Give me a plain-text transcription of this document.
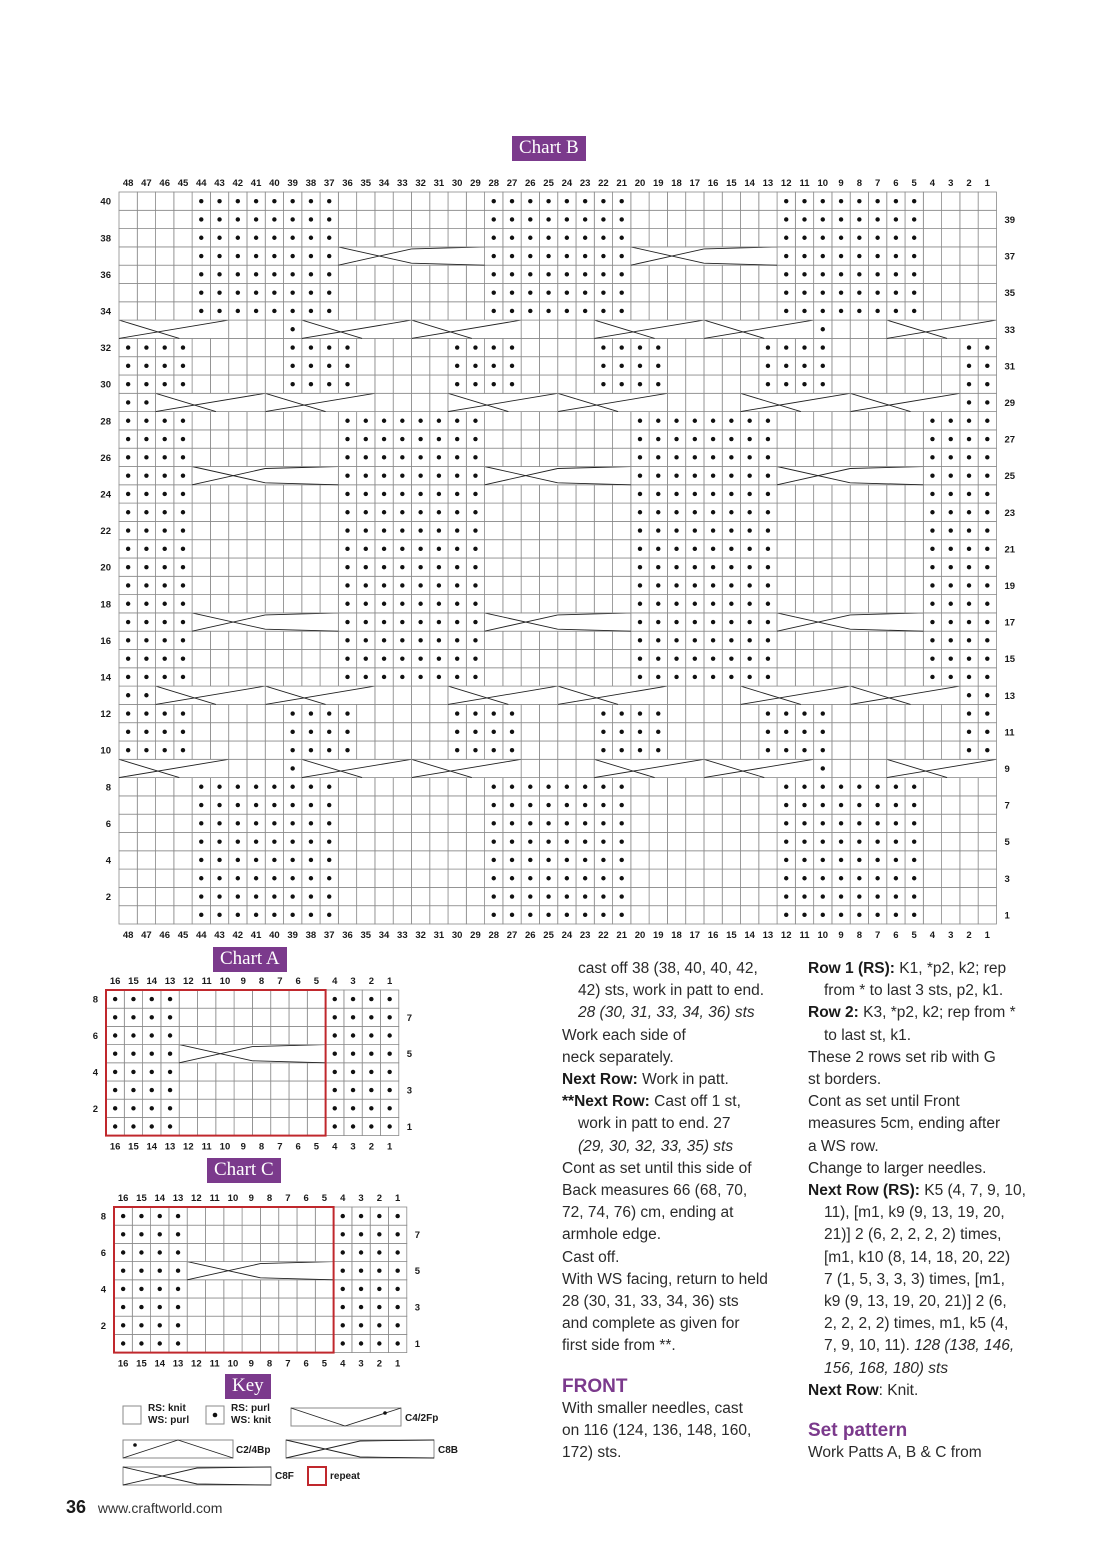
Chart B
Chart A
Chart C
Key
1
1
2
2
3
3
4
4
5
5
6
6
7
7
8
8
9
9
10
10
11
11
12
12
13
13
14
14
15
15
16
16
17
17
18
18
19
19
20
20
21
21
22
22
23
23
24
24
25
25
26
26
27
27
28
28
29
29
30
30
31
31
32
32
33
33
34
34
35
35
36
36
37
37
38
38
39
39
40
40
41
41
42
42
43
43
44
44
45
45
46
46
47
47
48
48
1
2
3
4
5
6
7
8
9
10
11
12
13
14
15
16
17
18
19
20
21
22
23
24
25
26
27
28
29
30
31
32
33
34
35
36
37
38
39
40
1
1
2
2
3
3
4
4
5
5
6
6
7
7
8
8
9
9
10
10
11
11
12
12
13
13
14
14
15
15
16
16
1
2
3
4
5
6
7
8
1
1
2
2
3
3
4
4
5
5
6
6
7
7
8
8
9
9
10
10
11
11
12
12
13
13
14
14
15
15
16
16
1
2
3
4
5
6
7
8
RS: knit
WS: purl
RS: purl
WS: knit	C4/2Fp
C2/4Bp	C8B
C8F	repeat

cast off 38 (38, 40, 40, 42,

42) sts, work in patt to end.

28 (30, 31, 33, 34, 36) sts

Work each side of

neck separately.

Next Row: Work in patt.

**Next Row: Cast off 1 st,

work in patt to end. 27

(29, 30, 32, 33, 35) sts

Cont as set until this side of

Back measures 66 (68, 70,

72, 74, 76) cm, ending at

armhole edge.

Cast off.

With WS facing, return to held

28 (30, 31, 33, 34, 36) sts

and complete as given for

first side from **.

FRONT

With smaller needles, cast

on 116 (124, 136, 148, 160,

172) sts.

Row 1 (RS): K1, *p2, k2; rep

from * to last 3 sts, p2, k1.

Row 2: K3, *p2, k2; rep from *

to last st, k1.

These 2 rows set rib with G

st borders.

Cont as set until Front

measures 5cm, ending after

a WS row.

Change to larger needles.

Next Row (RS): K5 (4, 7, 9, 10,

11), [m1, k9 (9, 13, 19, 20,

21)] 2 (6, 2, 2, 2, 2) times,

[m1, k10 (8, 14, 18, 20, 22)

7 (1, 5, 3, 3, 3) times, [m1,

k9 (9, 13, 19, 20, 21)] 2 (6,

2, 2, 2, 2) times, m1, k5 (4,

7, 9, 10, 11). 128 (138, 146,

156, 168, 180) sts

Next Row: Knit.

Set pattern

Work Patts A, B & C from

36 www.craftworld.com
